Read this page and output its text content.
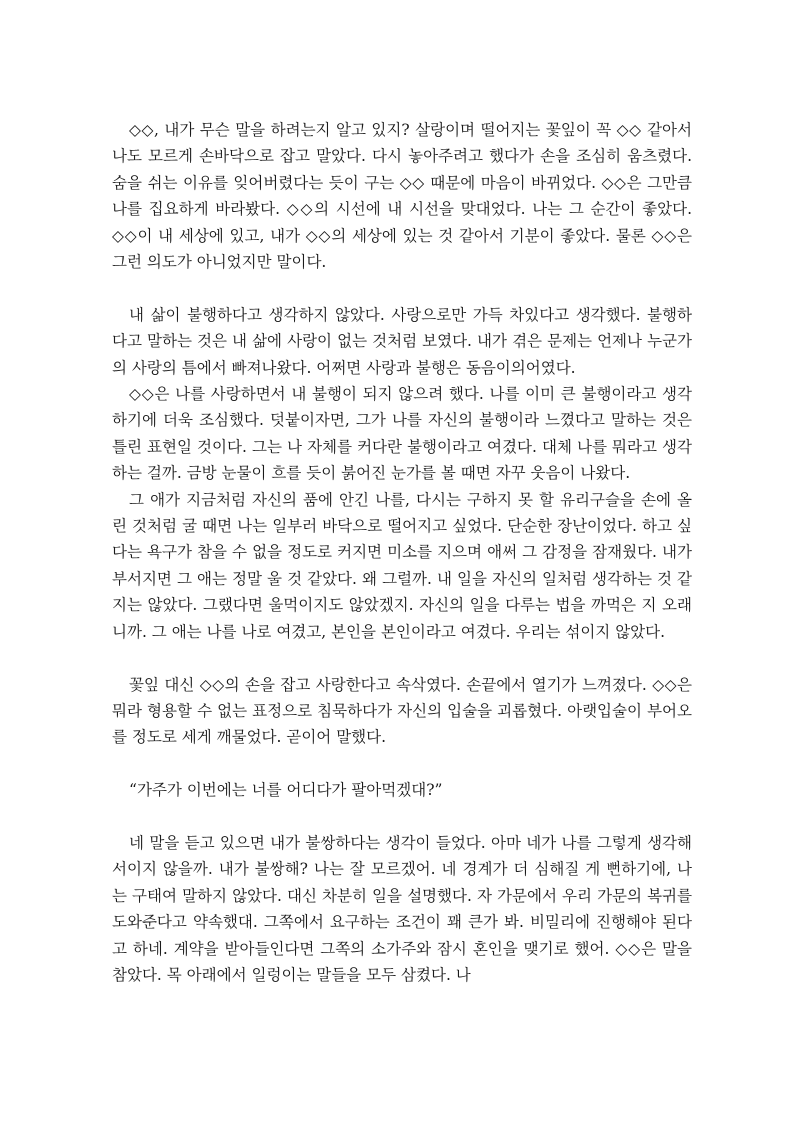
◇◇, 내가 무슨 말을 하려는지 알고 있지? 살랑이며 떨어지는 꽃잎이 꼭 ◇◇ 같아서 나도 모르게 손바닥으로 잡고 말았다. 다시 놓아주려고 했다가 손을 조심히 움츠렸다. 숨을 쉬는 이유를 잊어버렸다는 듯이 구는 ◇◇ 때문에 마음이 바뀌었다. ◇◇은 그만큼 나를 집요하게 바라봤다. ◇◇의 시선에 내 시선을 맞대었다. 나는 그 순간이 좋았다. ◇◇이 내 세상에 있고, 내가 ◇◇의 세상에 있는 것 같아서 기분이 좋았다. 물론 ◇◇은 그런 의도가 아니었지만 말이다.

내 삶이 불행하다고 생각하지 않았다. 사랑으로만 가득 차있다고 생각했다. 불행하다고 말하는 것은 내 삶에 사랑이 없는 것처럼 보였다. 내가 겪은 문제는 언제나 누군가의 사랑의 틈에서 빠져나왔다. 어쩌면 사랑과 불행은 동음이의어였다.

◇◇은 나를 사랑하면서 내 불행이 되지 않으려 했다. 나를 이미 큰 불행이라고 생각하기에 더욱 조심했다. 덧붙이자면, 그가 나를 자신의 불행이라 느꼈다고 말하는 것은 틀린 표현일 것이다. 그는 나 자체를 커다란 불행이라고 여겼다. 대체 나를 뭐라고 생각하는 걸까. 금방 눈물이 흐를 듯이 붉어진 눈가를 볼 때면 자꾸 웃음이 나왔다.

그 애가 지금처럼 자신의 품에 안긴 나를, 다시는 구하지 못 할 유리구슬을 손에 올린 것처럼 굴 때면 나는 일부러 바닥으로 떨어지고 싶었다. 단순한 장난이었다. 하고 싶다는 욕구가 참을 수 없을 정도로 커지면 미소를 지으며 애써 그 감정을 잠재웠다. 내가 부서지면 그 애는 정말 울 것 같았다. 왜 그럴까. 내 일을 자신의 일처럼 생각하는 것 같지는 않았다. 그랬다면 울먹이지도 않았겠지. 자신의 일을 다루는 법을 까먹은 지 오래니까. 그 애는 나를 나로 여겼고, 본인을 본인이라고 여겼다. 우리는 섞이지 않았다.

꽃잎 대신 ◇◇의 손을 잡고 사랑한다고 속삭였다. 손끝에서 열기가 느껴졌다. ◇◇은 뭐라 형용할 수 없는 표정으로 침묵하다가 자신의 입술을 괴롭혔다. 아랫입술이 부어오를 정도로 세게 깨물었다. 곧이어 말했다.

“가주가 이번에는 너를 어디다가 팔아먹겠대?”

네 말을 듣고 있으면 내가 불쌍하다는 생각이 들었다. 아마 네가 나를 그렇게 생각해서이지 않을까. 내가 불쌍해? 나는 잘 모르겠어. 네 경계가 더 심해질 게 뻔하기에, 나는 구태여 말하지 않았다. 대신 차분히 일을 설명했다. 자 가문에서 우리 가문의 복귀를 도와준다고 약속했대. 그쪽에서 요구하는 조건이 꽤 큰가 봐. 비밀리에 진행해야 된다고 하네. 계약을 받아들인다면 그쪽의 소가주와 잠시 혼인을 맺기로 했어. ◇◇은 말을 참았다. 목 아래에서 일렁이는 말들을 모두 삼켰다. 나
